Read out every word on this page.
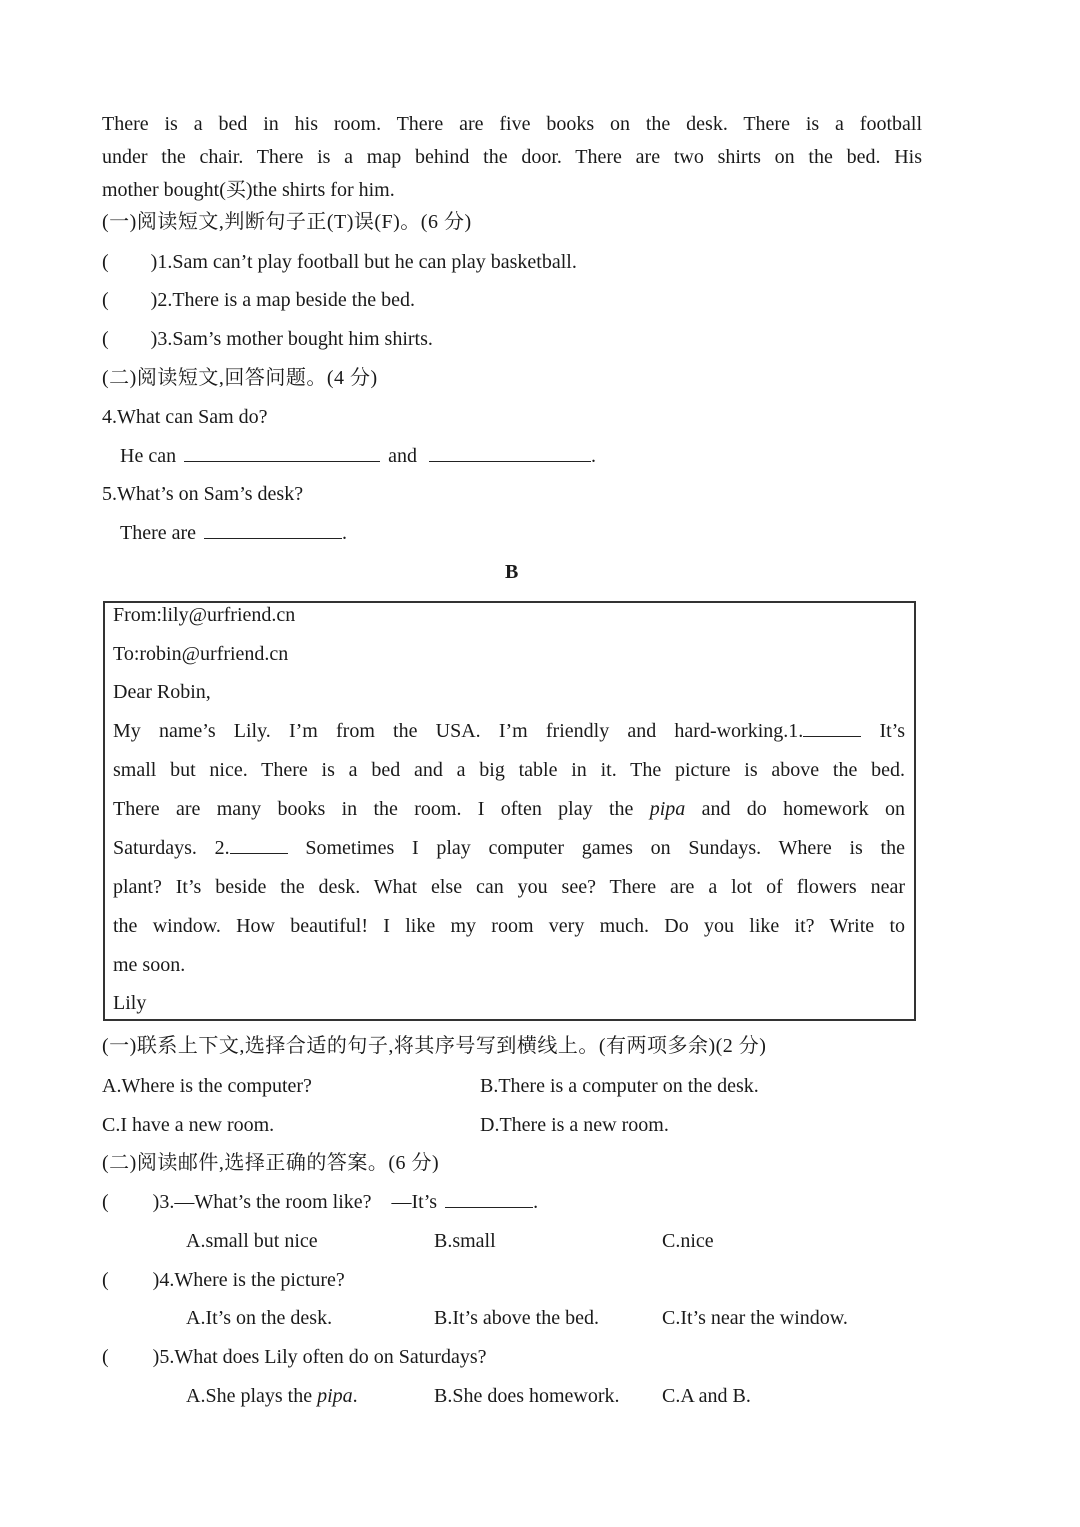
There is a bed in his room. There are five books on the desk. There is a football
under the chair. There is a map behind the door. There are two shirts on the bed. His
mother bought(买)the shirts for him.
(一)阅读短文,判断句子正(T)误(F)。(6 分)
( )1.Sam can’t play football but he can play basketball.
( )2.There is a map beside the bed.
( )3.Sam’s mother bought him shirts.
(二)阅读短文,回答问题。(4 分)
4.What can Sam do?
He can	and	.
5.What’s on Sam’s desk?
There are	.
B
From:lily@urfriend.cn
To:robin@urfriend.cn
Dear Robin,
My name’s Lily. I’m from the USA. I’m friendly and hard-working.1.	It’s
small but nice. There is a bed and a big table in it. The picture is above the bed.
There are many books in the room. I often play the pipa and do homework on
Saturdays. 2.	Sometimes I play computer games on Sundays. Where is the
plant? It’s beside the desk. What else can you see? There are a lot of flowers near
the window. How beautiful! I like my room very much. Do you like it? Write to
me soon.
Lily
(一)联系上下文,选择合适的句子,将其序号写到横线上。(有两项多余)(2 分)
A.Where is the computer?	B.There is a computer on the desk.
C.I have a new room.	D.There is a new room.
(二)阅读邮件,选择正确的答案。(6 分)
( )3.—What’s the room like?　—It’s	.
A.small but nice	B.small	C.nice
( )4.Where is the picture?
A.It’s on the desk.	B.It’s above the bed.	C.It’s near the window.
( )5.What does Lily often do on Saturdays?
A.She plays the pipa.	B.She does homework. C.A and B.
